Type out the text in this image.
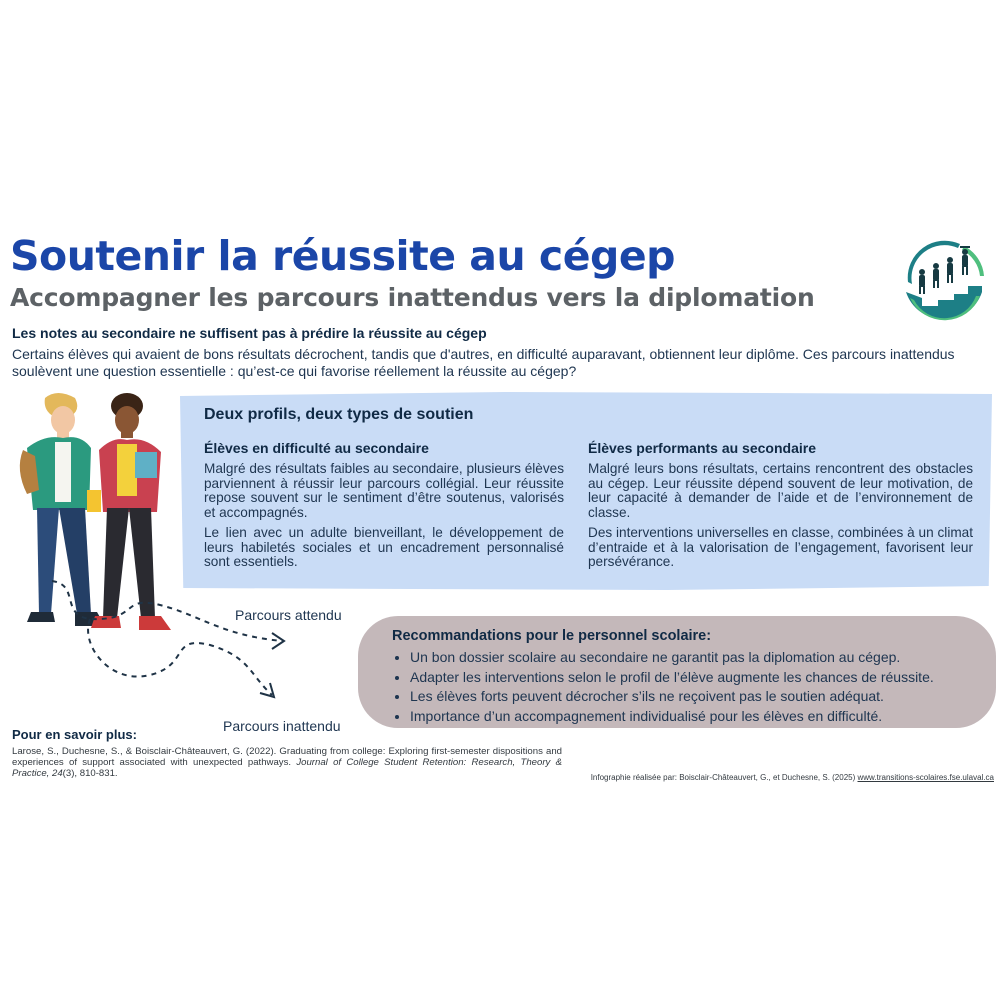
Soutenir la réussite au cégep
Accompagner les parcours inattendus vers la diplomation
Les notes au secondaire ne suffisent pas à prédire la réussite au cégep
Certains élèves qui avaient de bons résultats décrochent, tandis que d'autres, en difficulté auparavant, obtiennent leur diplôme. Ces parcours inattendus soulèvent une question essentielle : qu’est-ce qui favorise réellement la réussite au cégep?
Deux profils, deux types de soutien
Élèves en difficulté au secondaire

Malgré des résultats faibles au secondaire, plusieurs élèves parviennent à réussir leur parcours collégial. Leur réussite repose souvent sur le sentiment d’être soutenus, valorisés et accompagnés.

Le lien avec un adulte bienveillant, le développement de leurs habiletés sociales et un encadrement personnalisé sont essentiels.

Élèves performants au secondaire

Malgré leurs bons résultats, certains rencontrent des obstacles au cégep. Leur réussite dépend souvent de leur motivation, de leur capacité à demander de l’aide et de l’environnement de classe.

Des interventions universelles en classe, combinées à un climat d’entraide et à la valorisation de l’engagement, favorisent leur persévérance.

Parcours attendu
Parcours inattendu
Recommandations pour le personnel scolaire:
• Un bon dossier scolaire au secondaire ne garantit pas la diplomation au cégep.
• Adapter les interventions selon le profil de l’élève augmente les chances de réussite.
• Les élèves forts peuvent décrocher s’ils ne reçoivent pas le soutien adéquat.
• Importance d’un accompagnement individualisé pour les élèves en difficulté.
Pour en savoir plus:
Larose, S., Duchesne, S., & Boisclair-Châteauvert, G. (2022). Graduating from college: Exploring first-semester dispositions and experiences of support associated with unexpected pathways. Journal of College Student Retention: Research, Theory & Practice, 24(3), 810-831.	Infographie réalisée par: Boisclair-Châteauvert, G., et Duchesne, S. (2025) www.transitions-scolaires.fse.ulaval.ca
